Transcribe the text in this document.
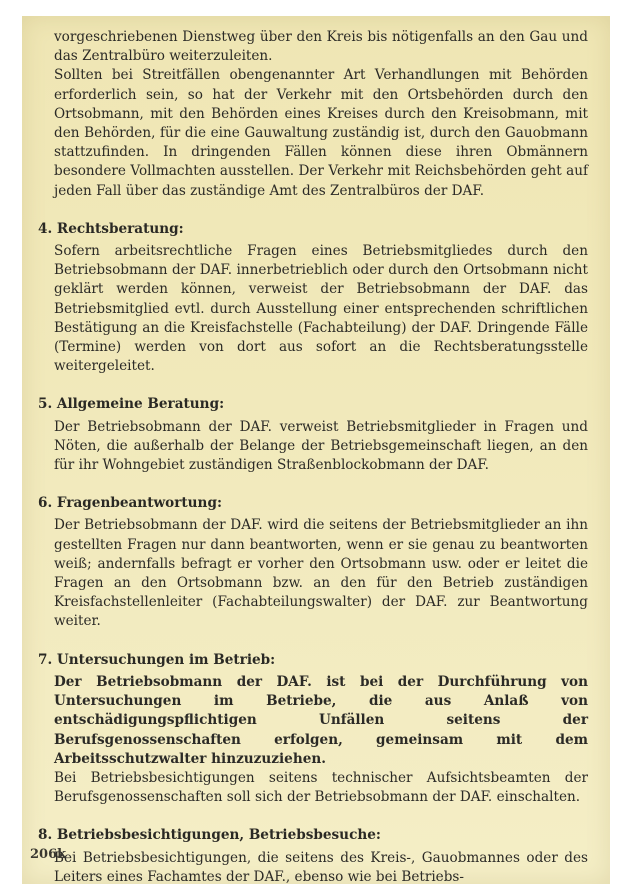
vorgeschriebenen Dienstweg über den Kreis bis nötigenfalls an den Gau und das Zentralbüro weiterzuleiten.

Sollten bei Streitfällen obengenannter Art Verhandlungen mit Behörden erforderlich sein, so hat der Verkehr mit den Ortsbehörden durch den Ortsobmann, mit den Behörden eines Kreises durch den Kreisobmann, mit den Behörden, für die eine Gauwaltung zuständig ist, durch den Gauobmann stattzufinden. In dringenden Fällen können diese ihren Obmännern besondere Vollmachten ausstellen. Der Verkehr mit Reichsbehörden geht auf jeden Fall über das zuständige Amt des Zentralbüros der DAF.

4. Rechtsberatung:

Sofern arbeitsrechtliche Fragen eines Betriebsmitgliedes durch den Betriebsobmann der DAF. innerbetrieblich oder durch den Ortsobmann nicht geklärt werden können, verweist der Betriebsobmann der DAF. das Betriebsmitglied evtl. durch Ausstellung einer entsprechenden schriftlichen Bestätigung an die Kreisfachstelle (Fachabteilung) der DAF. Dringende Fälle (Termine) werden von dort aus sofort an die Rechtsberatungsstelle weitergeleitet.

5. Allgemeine Beratung:

Der Betriebsobmann der DAF. verweist Betriebsmitglieder in Fragen und Nöten, die außerhalb der Belange der Betriebsgemeinschaft liegen, an den für ihr Wohngebiet zuständigen Straßenblockobmann der DAF.

6. Fragenbeantwortung:

Der Betriebsobmann der DAF. wird die seitens der Betriebsmitglieder an ihn gestellten Fragen nur dann beantworten, wenn er sie genau zu beantworten weiß; andernfalls befragt er vorher den Ortsobmann usw. oder er leitet die Fragen an den Ortsobmann bzw. an den für den Betrieb zuständigen Kreisfachstellenleiter (Fachabteilungswalter) der DAF. zur Beantwortung weiter.

7. Untersuchungen im Betrieb:

Der Betriebsobmann der DAF. ist bei der Durchführung von Untersuchungen im Betriebe, die aus Anlaß von entschädigungspflichtigen Unfällen seitens der Berufsgenossenschaften erfolgen, gemeinsam mit dem Arbeitsschutzwalter hinzuzuziehen.

Bei Betriebsbesichtigungen seitens technischer Aufsichtsbeamten der Berufsgenossenschaften soll sich der Betriebsobmann der DAF. einschalten.

8. Betriebsbesichtigungen, Betriebsbesuche:

Bei Betriebsbesichtigungen, die seitens des Kreis-, Gauobmannes oder des Leiters eines Fachamtes der DAF., ebenso wie bei Betriebs-

206k
